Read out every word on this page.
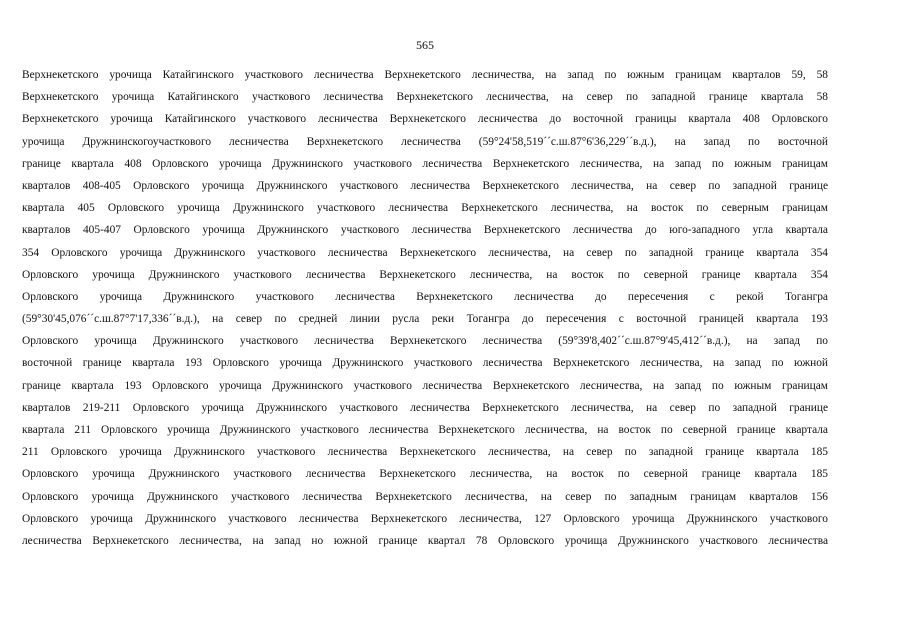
565
Верхнекетского урочища Катайгинского участкового лесничества Верхнекетского лесничества, на запад по южным границам кварталов 59, 58
Верхнекетского урочища Катайгинского участкового лесничества Верхнекетского лесничества, на север по западной границе квартала 58
Верхнекетского урочища Катайгинского участкового лесничества Верхнекетского лесничества до восточной границы квартала 408 Орловского
урочища Дружнинскогоучасткового лесничества Верхнекетского лесничества (59°24'58,519´´с.ш.87°6'36,229´´в.д.), на запад по восточной
границе квартала 408 Орловского урочища Дружнинского участкового лесничества Верхнекетского лесничества, на запад по южным границам
кварталов 408-405 Орловского урочища Дружнинского участкового лесничества Верхнекетского лесничества, на север по западной границе
квартала 405 Орловского урочища Дружнинского участкового лесничества Верхнекетского лесничества, на восток по северным границам
кварталов 405-407 Орловского урочища Дружнинского участкового лесничества Верхнекетского лесничества до юго-западного угла квартала
354 Орловского урочища Дружнинского участкового лесничества Верхнекетского лесничества, на север по западной границе квартала 354
Орловского урочища Дружнинского участкового лесничества Верхнекетского лесничества, на восток по северной границе квартала 354
Орловского урочища Дружнинского участкового лесничества Верхнекетского лесничества до пересечения с рекой Тогангра
(59°30'45,076´´с.ш.87°7'17,336´´в.д.), на север по средней линии русла реки Тогангра до пересечения с восточной границей квартала 193
Орловского урочища Дружнинского участкового лесничества Верхнекетского лесничества (59°39'8,402´´с.ш.87°9'45,412´´в.д.), на запад по
восточной границе квартала 193 Орловского урочища Дружнинского участкового лесничества Верхнекетского лесничества, на запад по южной
границе квартала 193 Орловского урочища Дружнинского участкового лесничества Верхнекетского лесничества, на запад по южным границам
кварталов 219-211 Орловского урочища Дружнинского участкового лесничества Верхнекетского лесничества, на север по западной границе
квартала 211 Орловского урочища Дружнинского участкового лесничества Верхнекетского лесничества, на восток по северной границе квартала
211 Орловского урочища Дружнинского участкового лесничества Верхнекетского лесничества, на север по западной границе квартала 185
Орловского урочища Дружнинского участкового лесничества Верхнекетского лесничества, на восток по северной границе квартала 185
Орловского урочища Дружнинского участкового лесничества Верхнекетского лесничества, на север по западным границам кварталов 156
Орловского урочища Дружнинского участкового лесничества Верхнекетского лесничества, 127 Орловского урочища Дружнинского участкового
лесничества Верхнекетского лесничества, на запад но южной границе квартал 78 Орловского урочища Дружнинского участкового лесничества
